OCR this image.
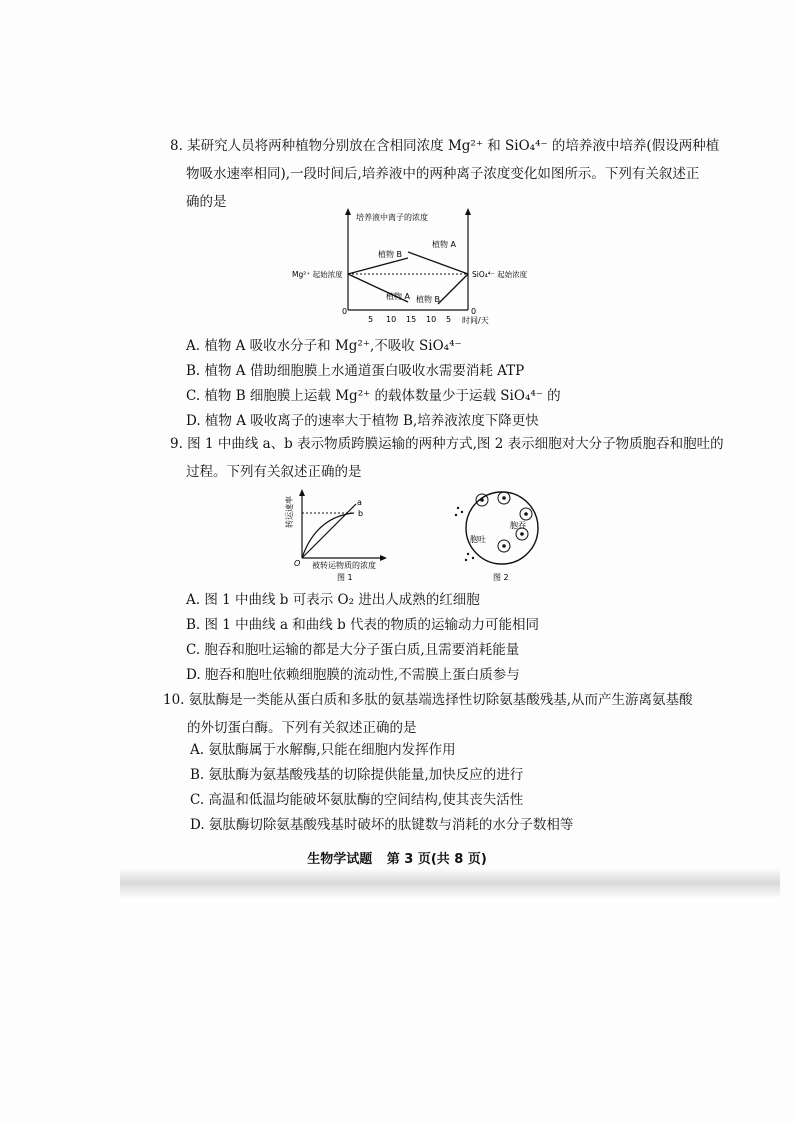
8. 某研究人员将两种植物分别放在含相同浓度 Mg²⁺ 和 SiO₄⁴⁻ 的培养液中培养(假设两种植

物吸水速率相同),一段时间后,培养液中的两种离子浓度变化如图所示。下列有关叙述正

确的是

培养液中离子的浓度
Mg²⁺ 起始浓度	SiO₄⁴⁻ 起始浓度
植物 B
植物 A
植物 A 植物 B
0	0
5 10 15 10 5 时间/天
A. 植物 A 吸收水分子和 Mg²⁺,不吸收 SiO₄⁴⁻
B. 植物 A 借助细胞膜上水通道蛋白吸收水需要消耗 ATP
C. 植物 B 细胞膜上运载 Mg²⁺ 的载体数量少于运载 SiO₄⁴⁻ 的
D. 植物 A 吸收离子的速率大于植物 B,培养液浓度下降更快

9. 图 1 中曲线 a、b 表示物质跨膜运输的两种方式,图 2 表示细胞对大分子物质胞吞和胞吐的

过程。下列有关叙述正确的是

转运速率	a
b
O 被转运物质的浓度
图 1
胞吞
胞吐
图 2
A. 图 1 中曲线 b 可表示 O₂ 进出人成熟的红细胞
B. 图 1 中曲线 a 和曲线 b 代表的物质的运输动力可能相同
C. 胞吞和胞吐运输的都是大分子蛋白质,且需要消耗能量
D. 胞吞和胞吐依赖细胞膜的流动性,不需膜上蛋白质参与

10. 氨肽酶是一类能从蛋白质和多肽的氨基端选择性切除氨基酸残基,从而产生游离氨基酸

的外切蛋白酶。下列有关叙述正确的是

A. 氨肽酶属于水解酶,只能在细胞内发挥作用
B. 氨肽酶为氨基酸残基的切除提供能量,加快反应的进行
C. 高温和低温均能破坏氨肽酶的空间结构,使其丧失活性
D. 氨肽酶切除氨基酸残基时破坏的肽键数与消耗的水分子数相等
生物学试题 第 3 页(共 8 页)
